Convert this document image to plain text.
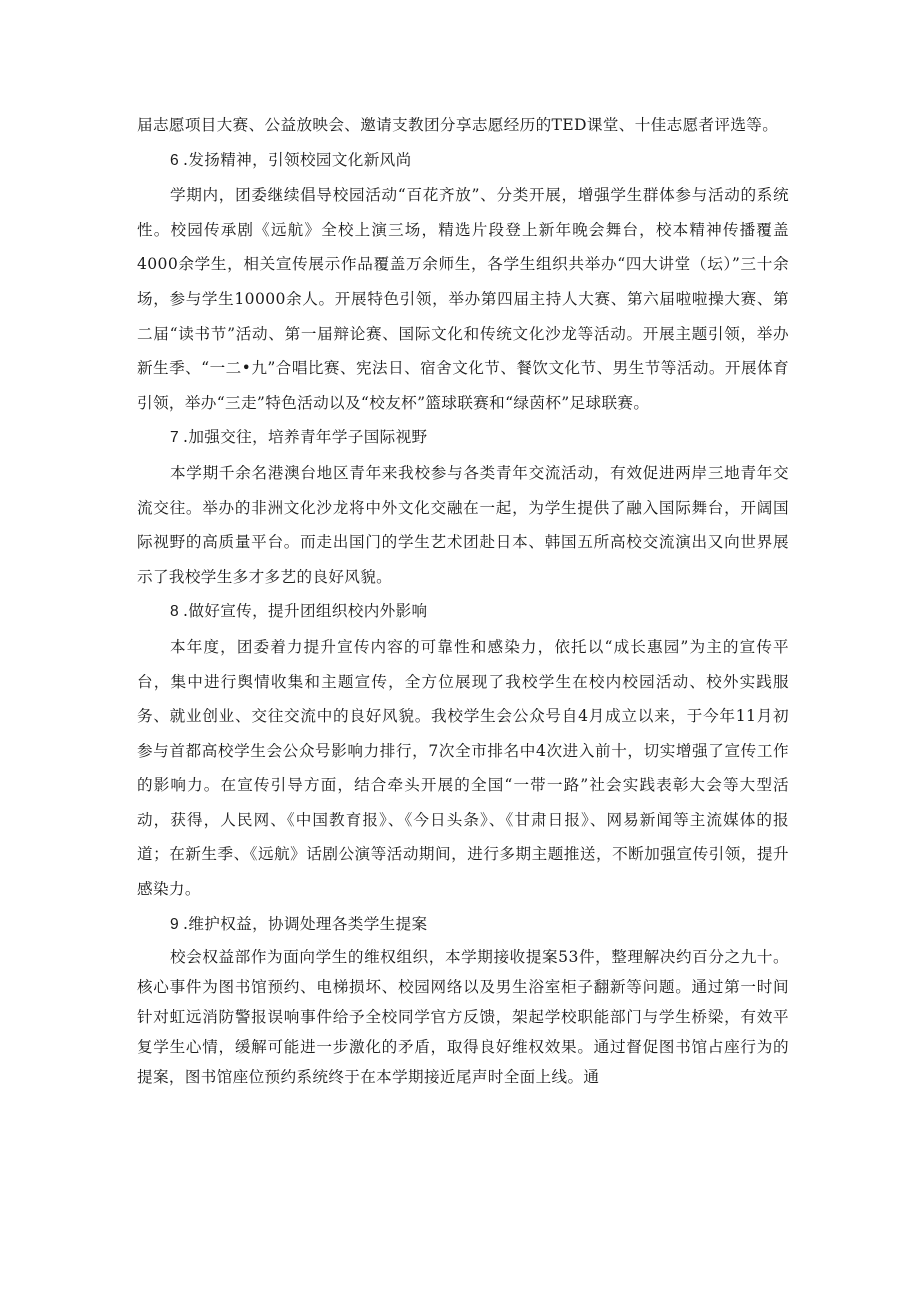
届志愿项目大赛、公益放映会、邀请支教团分享志愿经历的TED课堂、十佳志愿者评选等。

6 .发扬精神，引领校园文化新风尚

学期内，团委继续倡导校园活动“百花齐放”、分类开展，增强学生群体参与活动的系统性。校园传承剧《远航》全校上演三场，精选片段登上新年晚会舞台，校本精神传播覆盖4000余学生，相关宣传展示作品覆盖万余师生，各学生组织共举办“四大讲堂（坛）”三十余场，参与学生10000余人。开展特色引领，举办第四届主持人大赛、第六届啦啦操大赛、第二届“读书节”活动、第一届辩论赛、国际文化和传统文化沙龙等活动。开展主题引领，举办新生季、“一二•九”合唱比赛、宪法日、宿舍文化节、餐饮文化节、男生节等活动。开展体育引领，举办“三走”特色活动以及“校友杯”篮球联赛和“绿茵杯”足球联赛。

7 .加强交往，培养青年学子国际视野

本学期千余名港澳台地区青年来我校参与各类青年交流活动，有效促进两岸三地青年交流交往。举办的非洲文化沙龙将中外文化交融在一起，为学生提供了融入国际舞台，开阔国际视野的高质量平台。而走出国门的学生艺术团赴日本、韩国五所高校交流演出又向世界展示了我校学生多才多艺的良好风貌。

8 .做好宣传，提升团组织校内外影响

本年度，团委着力提升宣传内容的可靠性和感染力，依托以“成长惠园”为主的宣传平台，集中进行舆情收集和主题宣传，全方位展现了我校学生在校内校园活动、校外实践服务、就业创业、交往交流中的良好风貌。我校学生会公众号自4月成立以来，于今年11月初参与首都高校学生会公众号影响力排行，7次全市排名中4次进入前十，切实增强了宣传工作的影响力。在宣传引导方面，结合牵头开展的全国“一带一路”社会实践表彰大会等大型活动，获得，人民网、《中国教育报》、《今日头条》、《甘肃日报》、网易新闻等主流媒体的报道；在新生季、《远航》话剧公演等活动期间，进行多期主题推送，不断加强宣传引领，提升感染力。

9 .维护权益，协调处理各类学生提案

校会权益部作为面向学生的维权组织，本学期接收提案53件，整理解决约百分之九十。核心事件为图书馆预约、电梯损坏、校园网络以及男生浴室柜子翻新等问题。通过第一时间针对虹远消防警报误响事件给予全校同学官方反馈，架起学校职能部门与学生桥梁，有效平复学生心情，缓解可能进一步激化的矛盾，取得良好维权效果。通过督促图书馆占座行为的提案，图书馆座位预约系统终于在本学期接近尾声时全面上线。通
